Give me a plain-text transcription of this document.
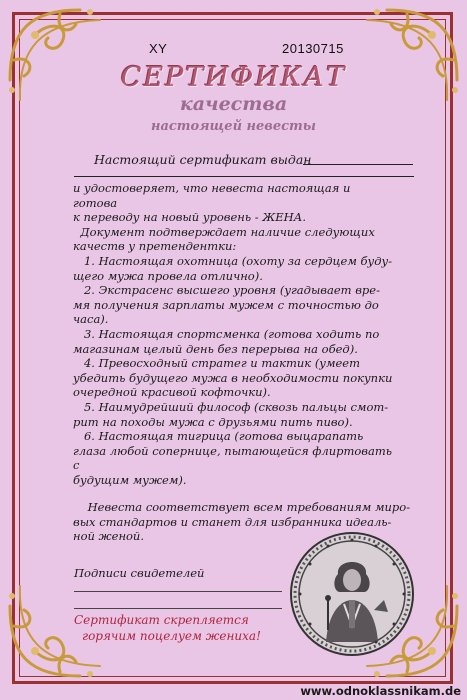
XY	20130715
СЕРТИФИКАТ
качества
настоящей невесты
Настоящий сертификат выдан

и удостоверяет, что невеста настоящая и готова

к переводу на новый уровень - ЖЕНА.

Документ подтверждает наличие следующих

качеств у претендентки:

1. Настоящая охотница (охоту за сердцем буду-

щего мужа провела отлично).

2. Экстрасенс высшего уровня (угадывает вре-

мя получения зарплаты мужем с точностью до

часа).

3. Настоящая спортсменка (готова ходить по

магазинам целый день без перерыва на обед).

4. Превосходный стратег и тактик (умеет

убедить будущего мужа в необходимости покупки

очередной красивой кофточки).

5. Наимудрейший философ (сквозь пальцы смот-

рит на походы мужа с друзьями пить пиво).

6. Настоящая тигрица (готова выцарапать

глаза любой сопернице, пытающейся флиртовать с

будущим мужем).

Невеста соответствует всем требованиям миро-

вых стандартов и станет для избранника идеаль-

ной женой.

Подписи свидетелей

Сертификат скрепляется

горячим поцелуем жениха!

www.odnoklassnikam.de
